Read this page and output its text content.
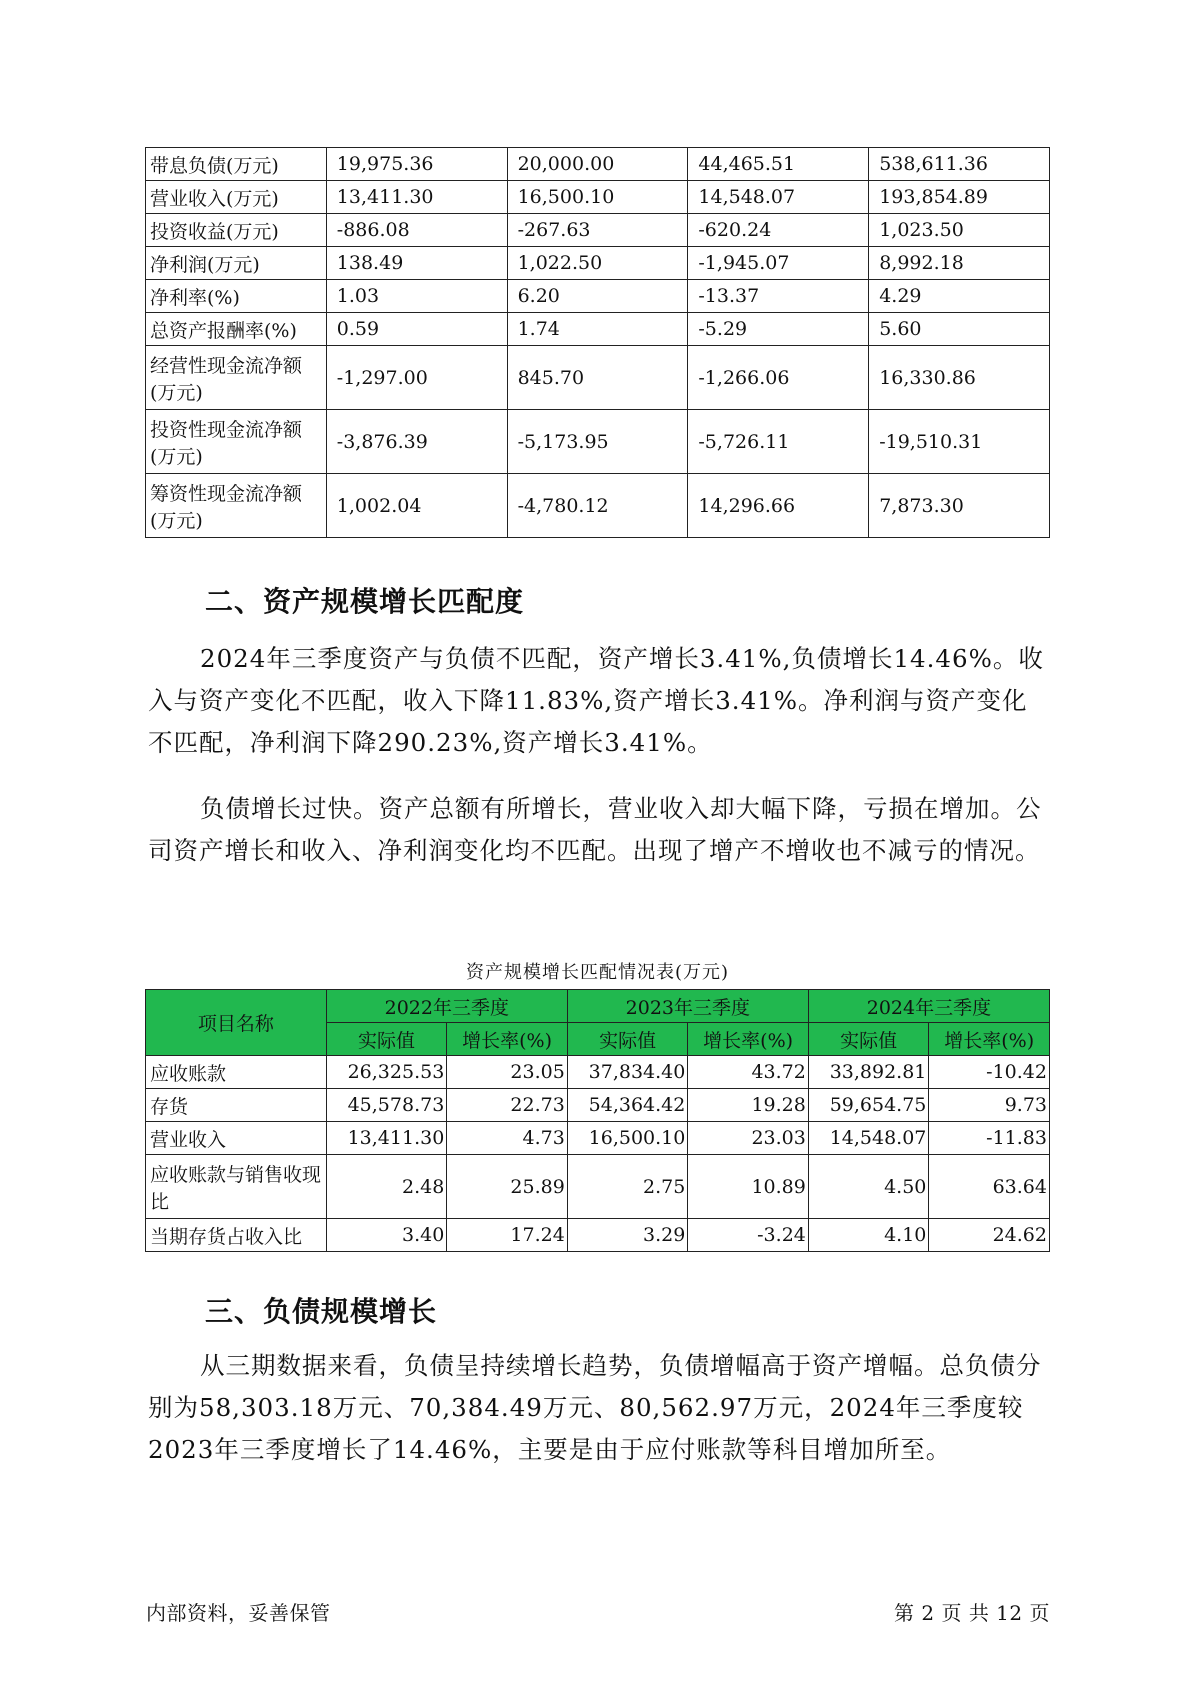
带息负债(万元)	19,975.36	20,000.00	44,465.51	538,611.36
营业收入(万元)	13,411.30	16,500.10	14,548.07	193,854.89
投资收益(万元)	-886.08	-267.63	-620.24	1,023.50
净利润(万元)	138.49	1,022.50	-1,945.07	8,992.18
净利率(%)	1.03	6.20	-13.37	4.29
总资产报酬率(%)	0.59	1.74	-5.29	5.60
经营性现金流净额(万元)	-1,297.00	845.70	-1,266.06	16,330.86
投资性现金流净额(万元)	-3,876.39	-5,173.95	-5,726.11	-19,510.31
筹资性现金流净额(万元)	1,002.04	-4,780.12	14,296.66	7,873.30
二、资产规模增长匹配度

2024年三季度资产与负债不匹配，资产增长3.41%,负债增长14.46%。收入与资产变化不匹配，收入下降11.83%,资产增长3.41%。净利润与资产变化不匹配，净利润下降290.23%,资产增长3.41%。

负债增长过快。资产总额有所增长，营业收入却大幅下降，亏损在增加。公司资产增长和收入、净利润变化均不匹配。出现了增产不增收也不减亏的情况。

资产规模增长匹配情况表(万元)
项目名称	2022年三季度		2023年三季度		2024年三季度	
	实际值	增长率(%)	实际值	增长率(%)	实际值	增长率(%)
应收账款	26,325.53	23.05	37,834.40	43.72	33,892.81	-10.42
存货	45,578.73	22.73	54,364.42	19.28	59,654.75	9.73
营业收入	13,411.30	4.73	16,500.10	23.03	14,548.07	-11.83
应收账款与销售收现比	2.48	25.89	2.75	10.89	4.50	63.64
当期存货占收入比	3.40	17.24	3.29	-3.24	4.10	24.62
三、负债规模增长

从三期数据来看，负债呈持续增长趋势，负债增幅高于资产增幅。总负债分别为58,303.18万元、70,384.49万元、80,562.97万元，2024年三季度较2023年三季度增长了14.46%，主要是由于应付账款等科目增加所至。

内部资料，妥善保管	第 2 页 共 12 页
